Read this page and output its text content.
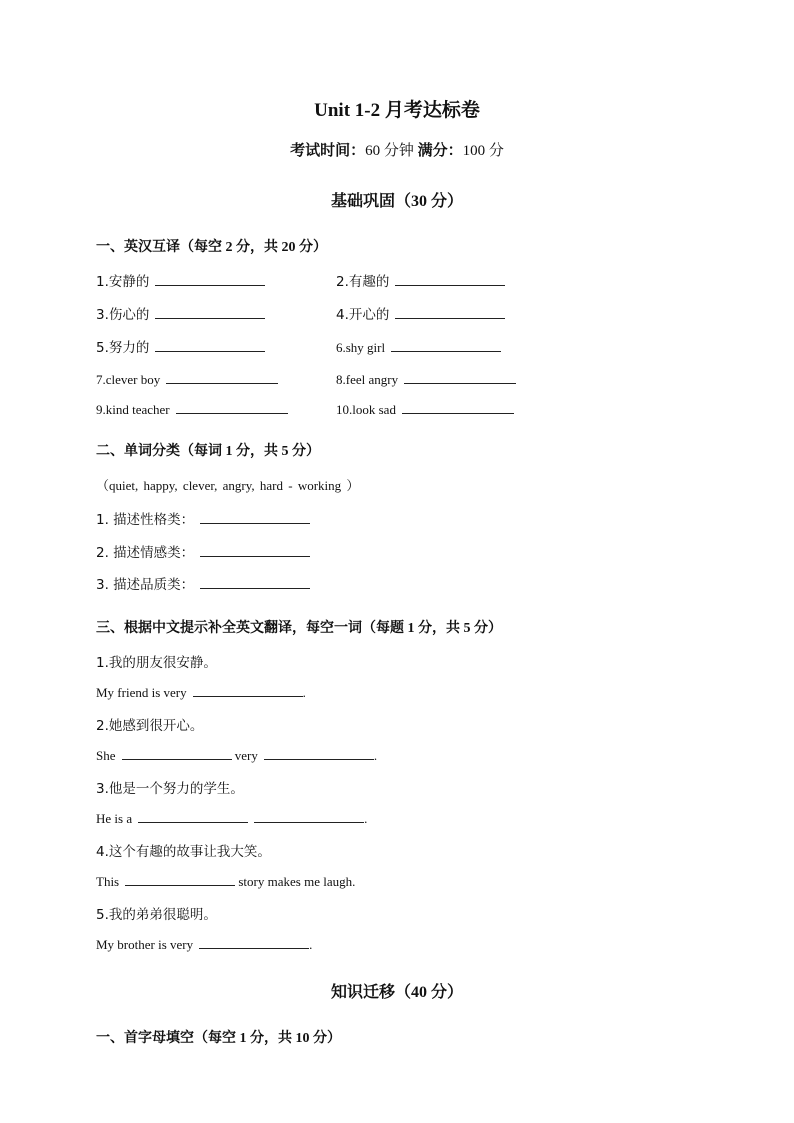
Unit 1-2 月考达标卷
考试时间：60 分钟 满分：100 分
基础巩固（30 分）
一、英汉互译（每空 2 分，共 20 分）
1.安静的	2.有趣的
3.伤心的	4.开心的
5.努力的	6.shy girl
7.clever boy	8.feel angry
9.kind teacher	10.look sad
二、单词分类（每词 1 分，共 5 分）
（quiet, happy, clever, angry, hard - working ）
1. 描述性格类：
2. 描述情感类：
3. 描述品质类：
三、根据中文提示补全英文翻译，每空一词（每题 1 分，共 5 分）
1.我的朋友很安静。
My friend is very	.
2.她感到很开心。
She	very	.
3.他是一个努力的学生。
He is a	.
4.这个有趣的故事让我大笑。
This	story makes me laugh.
5.我的弟弟很聪明。
My brother is very	.
知识迁移（40 分）
一、首字母填空（每空 1 分，共 10 分）
